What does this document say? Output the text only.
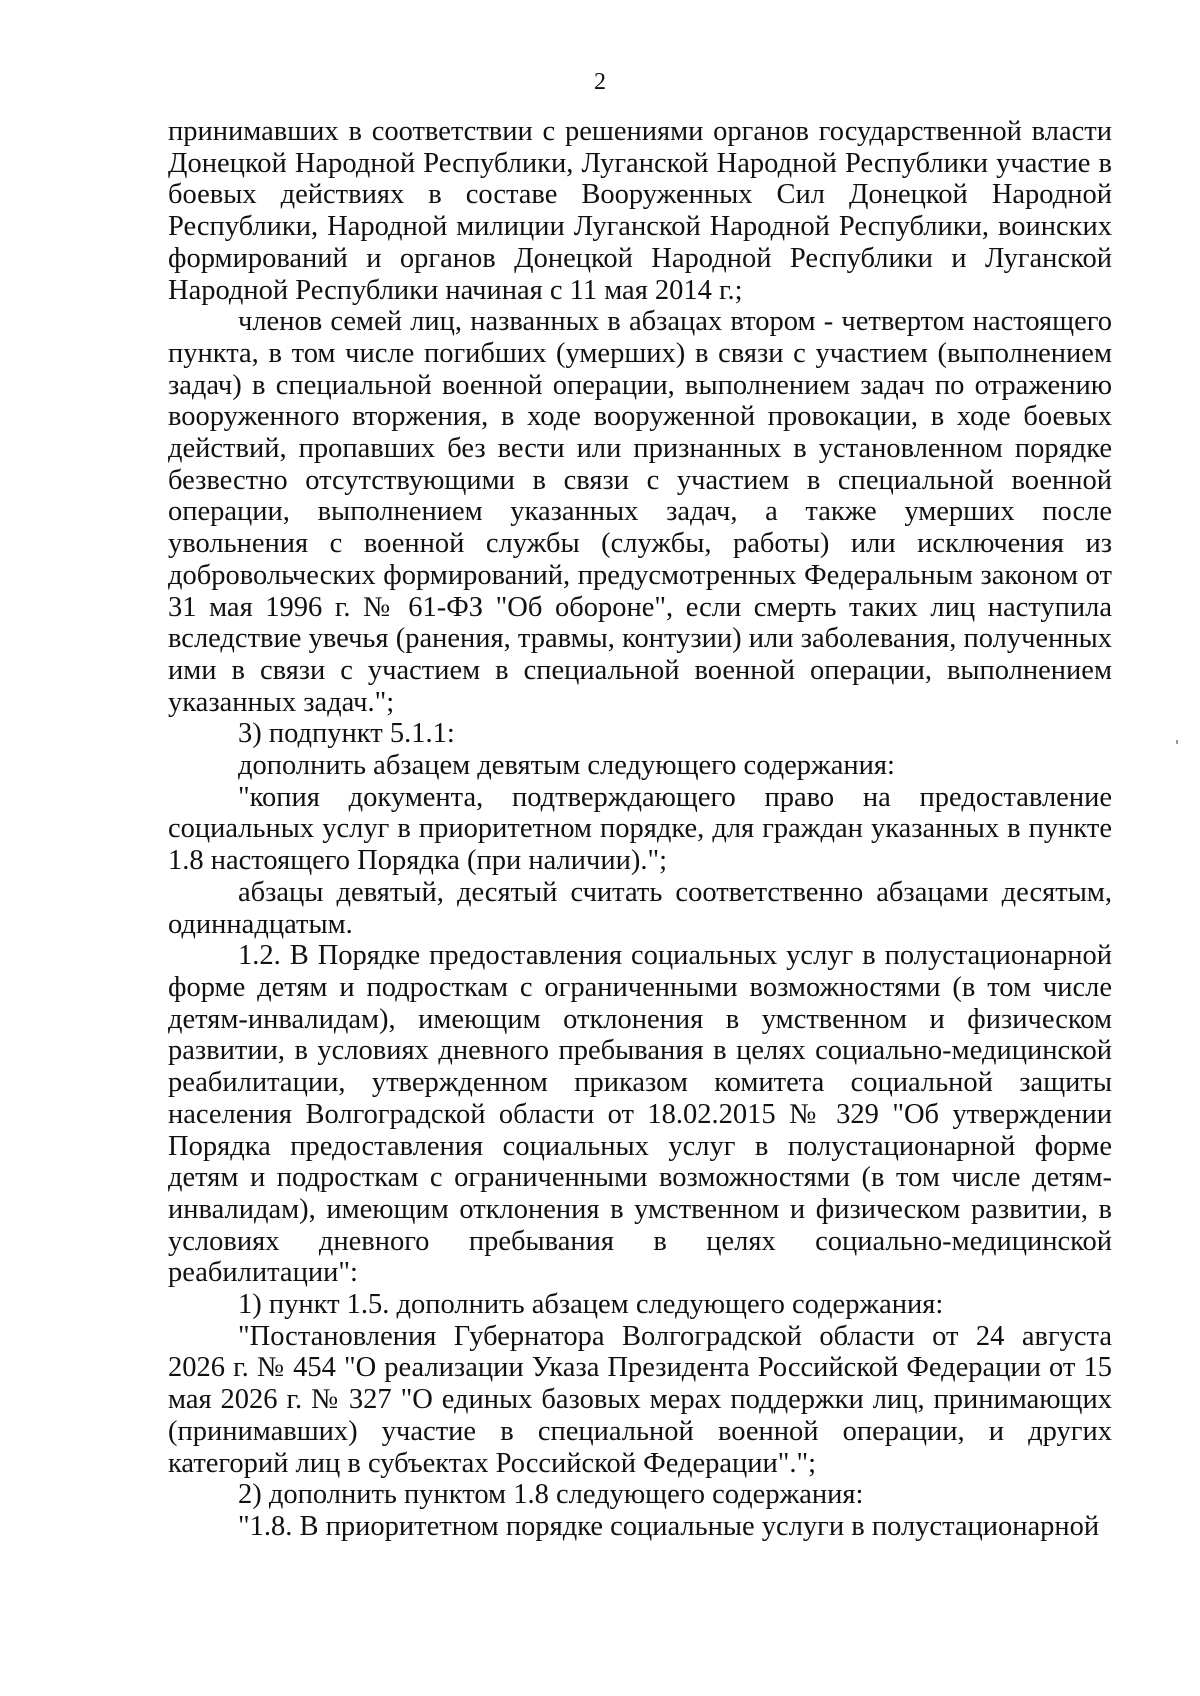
2

принимавших в соответствии с решениями органов государственной власти Донецкой Народной Республики, Луганской Народной Республики участие в боевых действиях в составе Вооруженных Сил Донецкой Народной Республики, Народной милиции Луганской Народной Республики, воинских формирований и органов Донецкой Народной Республики и Луганской Народной Республики начиная с 11 мая 2014 г.;

членов семей лиц, названных в абзацах втором - четвертом настоящего пункта, в том числе погибших (умерших) в связи с участием (выполнением задач) в специальной военной операции, выполнением задач по отражению вооруженного вторжения, в ходе вооруженной провокации, в ходе боевых действий, пропавших без вести или признанных в установленном порядке безвестно отсутствующими в связи с участием в специальной военной операции, выполнением указанных задач, а также умерших после увольнения с военной службы (службы, работы) или исключения из добровольческих формирований, предусмотренных Федеральным законом от 31 мая 1996 г. № 61-ФЗ "Об обороне", если смерть таких лиц наступила вследствие увечья (ранения, травмы, контузии) или заболевания, полученных ими в связи с участием в специальной военной операции, выполнением указанных задач.";

3) подпункт 5.1.1:

дополнить абзацем девятым следующего содержания:

"копия документа, подтверждающего право на предоставление социальных услуг в приоритетном порядке, для граждан указанных в пункте 1.8 настоящего Порядка (при наличии).";

абзацы девятый, десятый считать соответственно абзацами десятым, одиннадцатым.

1.2. В Порядке предоставления социальных услуг в полустационарной форме детям и подросткам с ограниченными возможностями (в том числе детям-инвалидам), имеющим отклонения в умственном и физическом развитии, в условиях дневного пребывания в целях социально-медицинской реабилитации, утвержденном приказом комитета социальной защиты населения Волгоградской области от 18.02.2015 № 329 "Об утверждении Порядка предоставления социальных услуг в полустационарной форме детям и подросткам с ограниченными возможностями (в том числе детям-инвалидам), имеющим отклонения в умственном и физическом развитии, в условиях дневного пребывания в целях социально-медицинской реабилитации":

1) пункт 1.5. дополнить абзацем следующего содержания:

"Постановления Губернатора Волгоградской области от 24 августа 2026 г. № 454 "О реализации Указа Президента Российской Федерации от 15 мая 2026 г. № 327 "О единых базовых мерах поддержки лиц, принимающих (принимавших) участие в специальной военной операции, и других категорий лиц в субъектах Российской Федерации".";

2) дополнить пунктом 1.8 следующего содержания:

"1.8. В приоритетном порядке социальные услуги в полустационарной
